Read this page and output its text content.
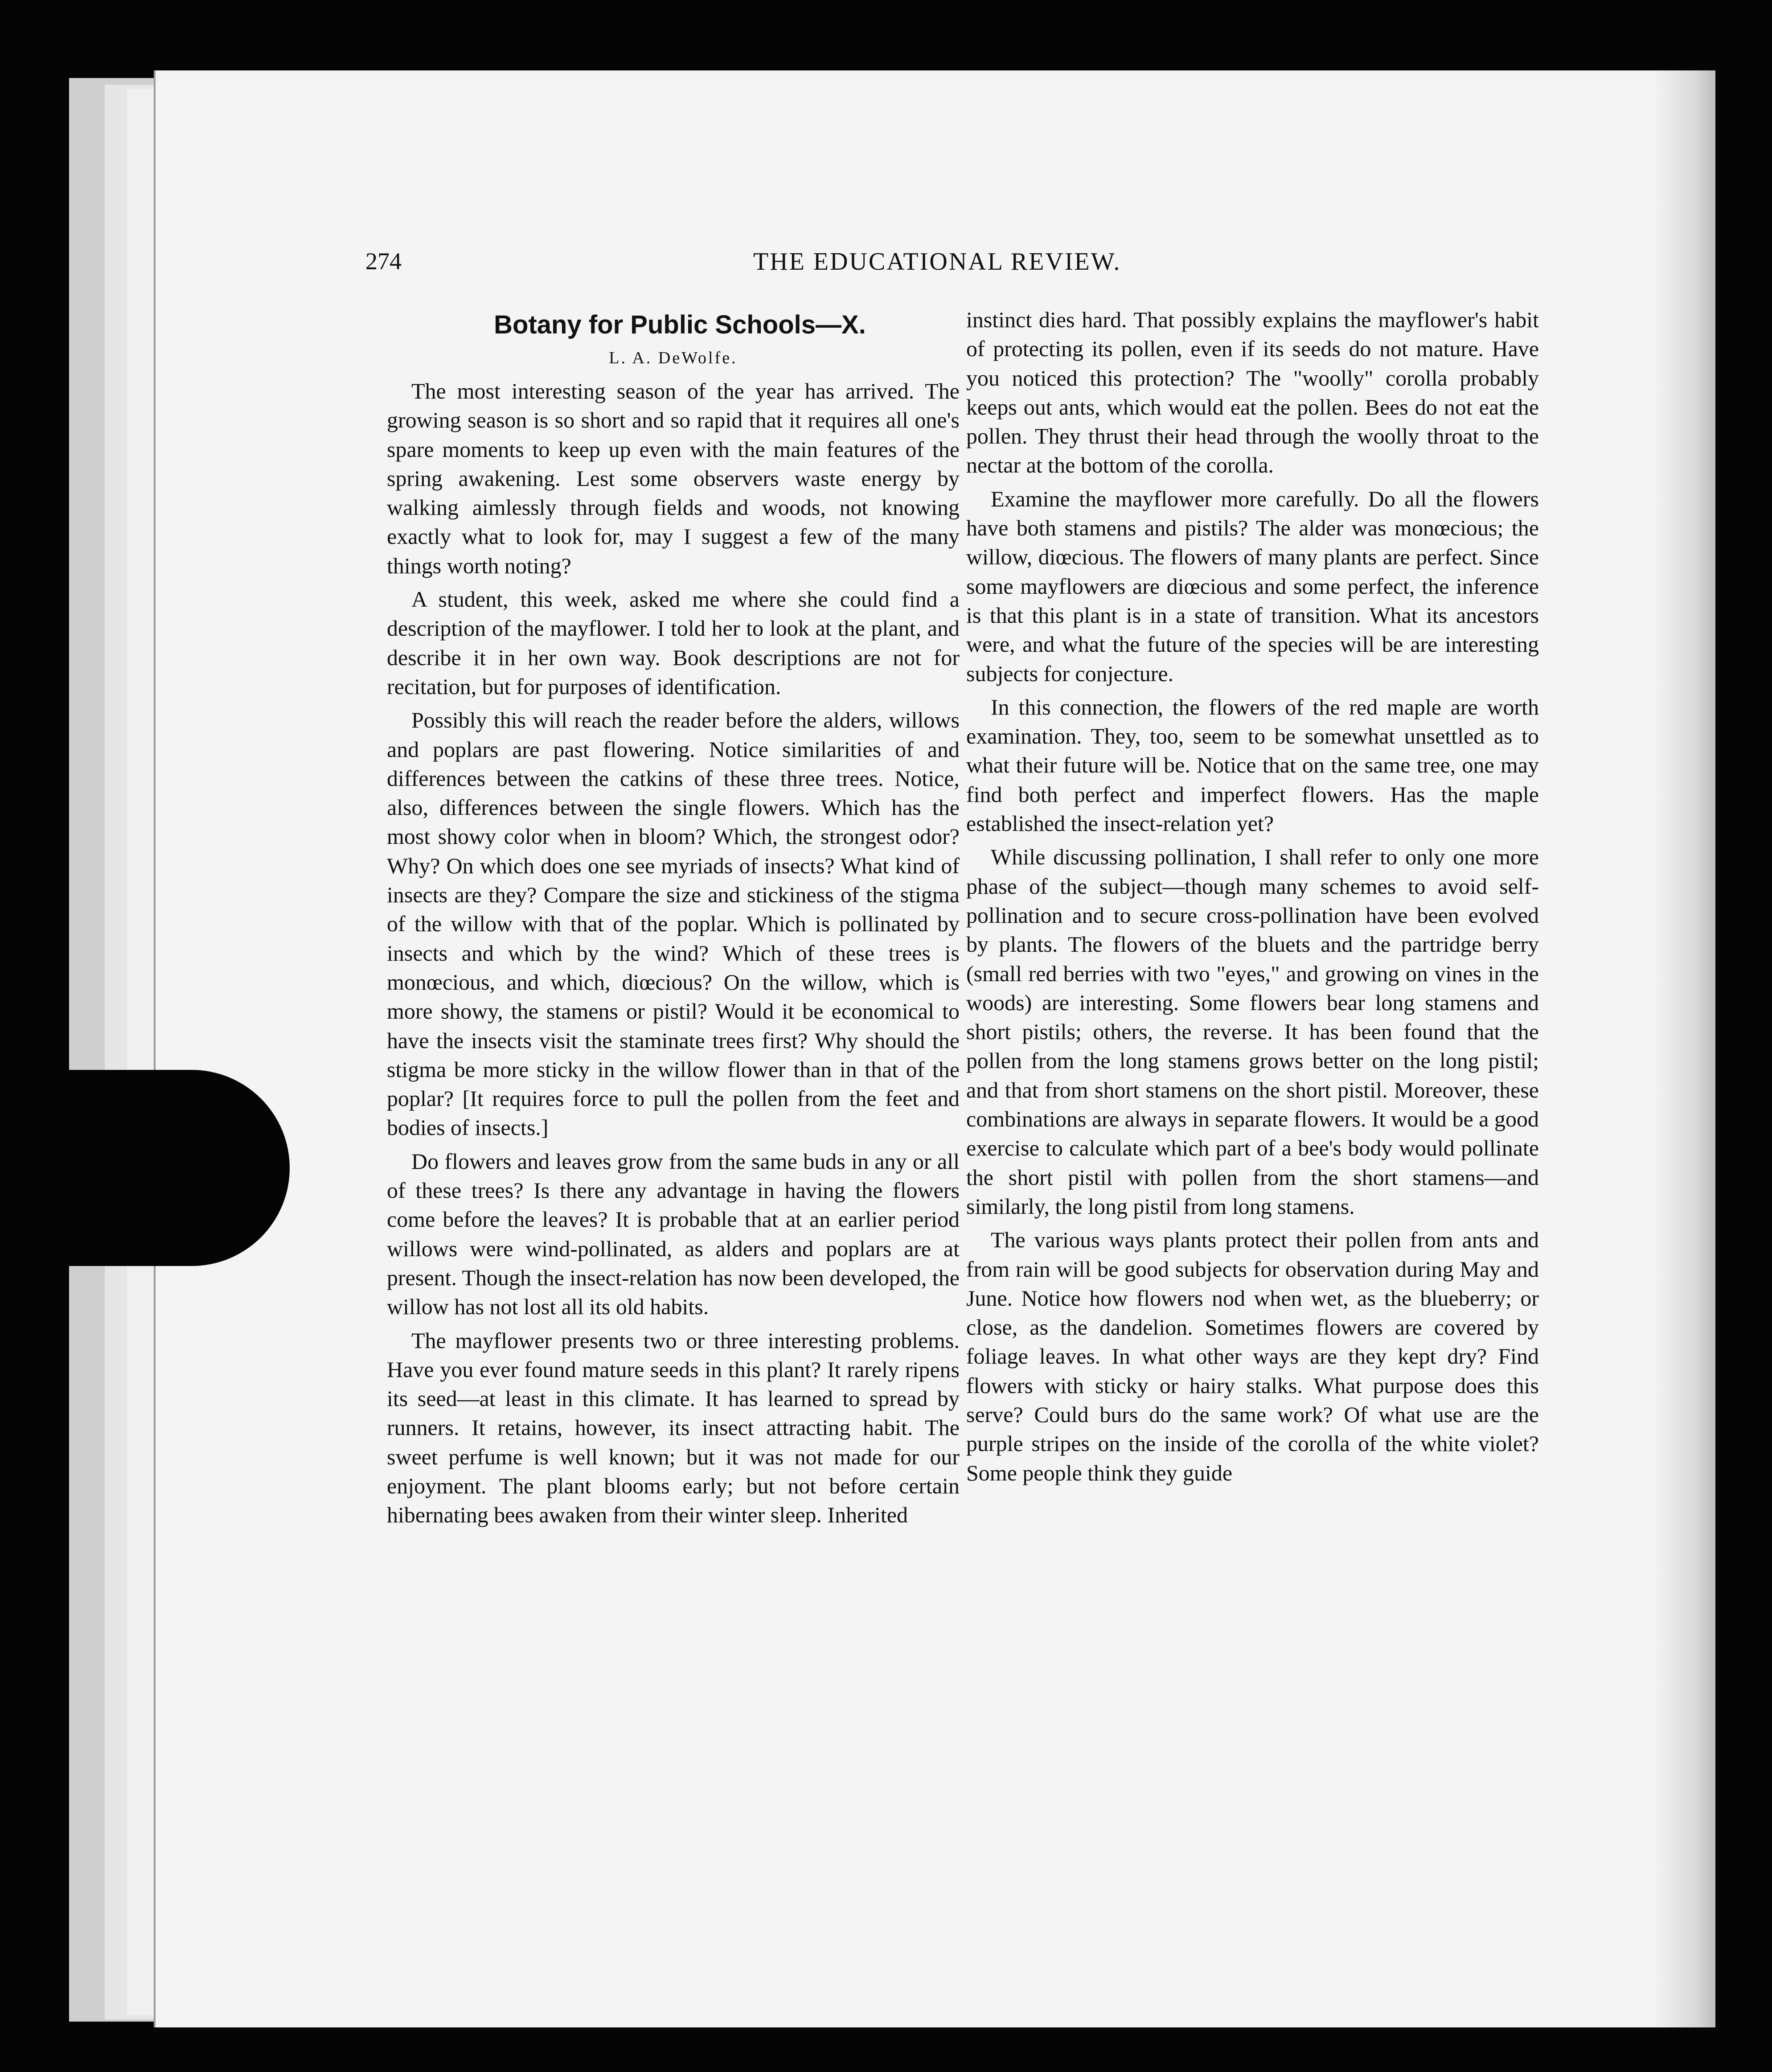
274	THE EDUCATIONAL REVIEW.
Botany for Public Schools—X.
L. A. DeWolfe.

The most interesting season of the year has arrived. The growing season is so short and so rapid that it requires all one's spare moments to keep up even with the main features of the spring awakening. Lest some observers waste energy by walking aimlessly through fields and woods, not knowing exactly what to look for, may I suggest a few of the many things worth noting?

A student, this week, asked me where she could find a description of the mayflower. I told her to look at the plant, and describe it in her own way. Book descriptions are not for recitation, but for purposes of identification.

Possibly this will reach the reader before the alders, willows and poplars are past flowering. Notice similarities of and differences between the catkins of these three trees. Notice, also, differences between the single flowers. Which has the most showy color when in bloom? Which, the strongest odor? Why? On which does one see myriads of insects? What kind of insects are they? Compare the size and stickiness of the stigma of the willow with that of the poplar. Which is pollinated by insects and which by the wind? Which of these trees is monœcious, and which, diœcious? On the willow, which is more showy, the stamens or pistil? Would it be economical to have the insects visit the staminate trees first? Why should the stigma be more sticky in the willow flower than in that of the poplar? [It requires force to pull the pollen from the feet and bodies of insects.]

Do flowers and leaves grow from the same buds in any or all of these trees? Is there any advantage in having the flowers come before the leaves? It is probable that at an earlier period willows were wind-pollinated, as alders and poplars are at present. Though the insect-relation has now been developed, the willow has not lost all its old habits.

The mayflower presents two or three interesting problems. Have you ever found mature seeds in this plant? It rarely ripens its seed—at least in this climate. It has learned to spread by runners. It retains, however, its insect attracting habit. The sweet perfume is well known; but it was not made for our enjoyment. The plant blooms early; but not before certain hibernating bees awaken from their winter sleep. Inherited

instinct dies hard. That possibly explains the mayflower's habit of protecting its pollen, even if its seeds do not mature. Have you noticed this protection? The "woolly" corolla probably keeps out ants, which would eat the pollen. Bees do not eat the pollen. They thrust their head through the woolly throat to the nectar at the bottom of the corolla.

Examine the mayflower more carefully. Do all the flowers have both stamens and pistils? The alder was monœcious; the willow, diœcious. The flowers of many plants are perfect. Since some mayflowers are diœcious and some perfect, the inference is that this plant is in a state of transition. What its ancestors were, and what the future of the species will be are interesting subjects for conjecture.

In this connection, the flowers of the red maple are worth examination. They, too, seem to be somewhat unsettled as to what their future will be. Notice that on the same tree, one may find both perfect and imperfect flowers. Has the maple established the insect-relation yet?

While discussing pollination, I shall refer to only one more phase of the subject—though many schemes to avoid self-pollination and to secure cross-pollination have been evolved by plants. The flowers of the bluets and the partridge berry (small red berries with two "eyes," and growing on vines in the woods) are interesting. Some flowers bear long stamens and short pistils; others, the reverse. It has been found that the pollen from the long stamens grows better on the long pistil; and that from short stamens on the short pistil. Moreover, these combinations are always in separate flowers. It would be a good exercise to calculate which part of a bee's body would pollinate the short pistil with pollen from the short stamens—and similarly, the long pistil from long stamens.

The various ways plants protect their pollen from ants and from rain will be good subjects for observation during May and June. Notice how flowers nod when wet, as the blueberry; or close, as the dandelion. Sometimes flowers are covered by foliage leaves. In what other ways are they kept dry? Find flowers with sticky or hairy stalks. What purpose does this serve? Could burs do the same work? Of what use are the purple stripes on the inside of the corolla of the white violet? Some people think they guide
